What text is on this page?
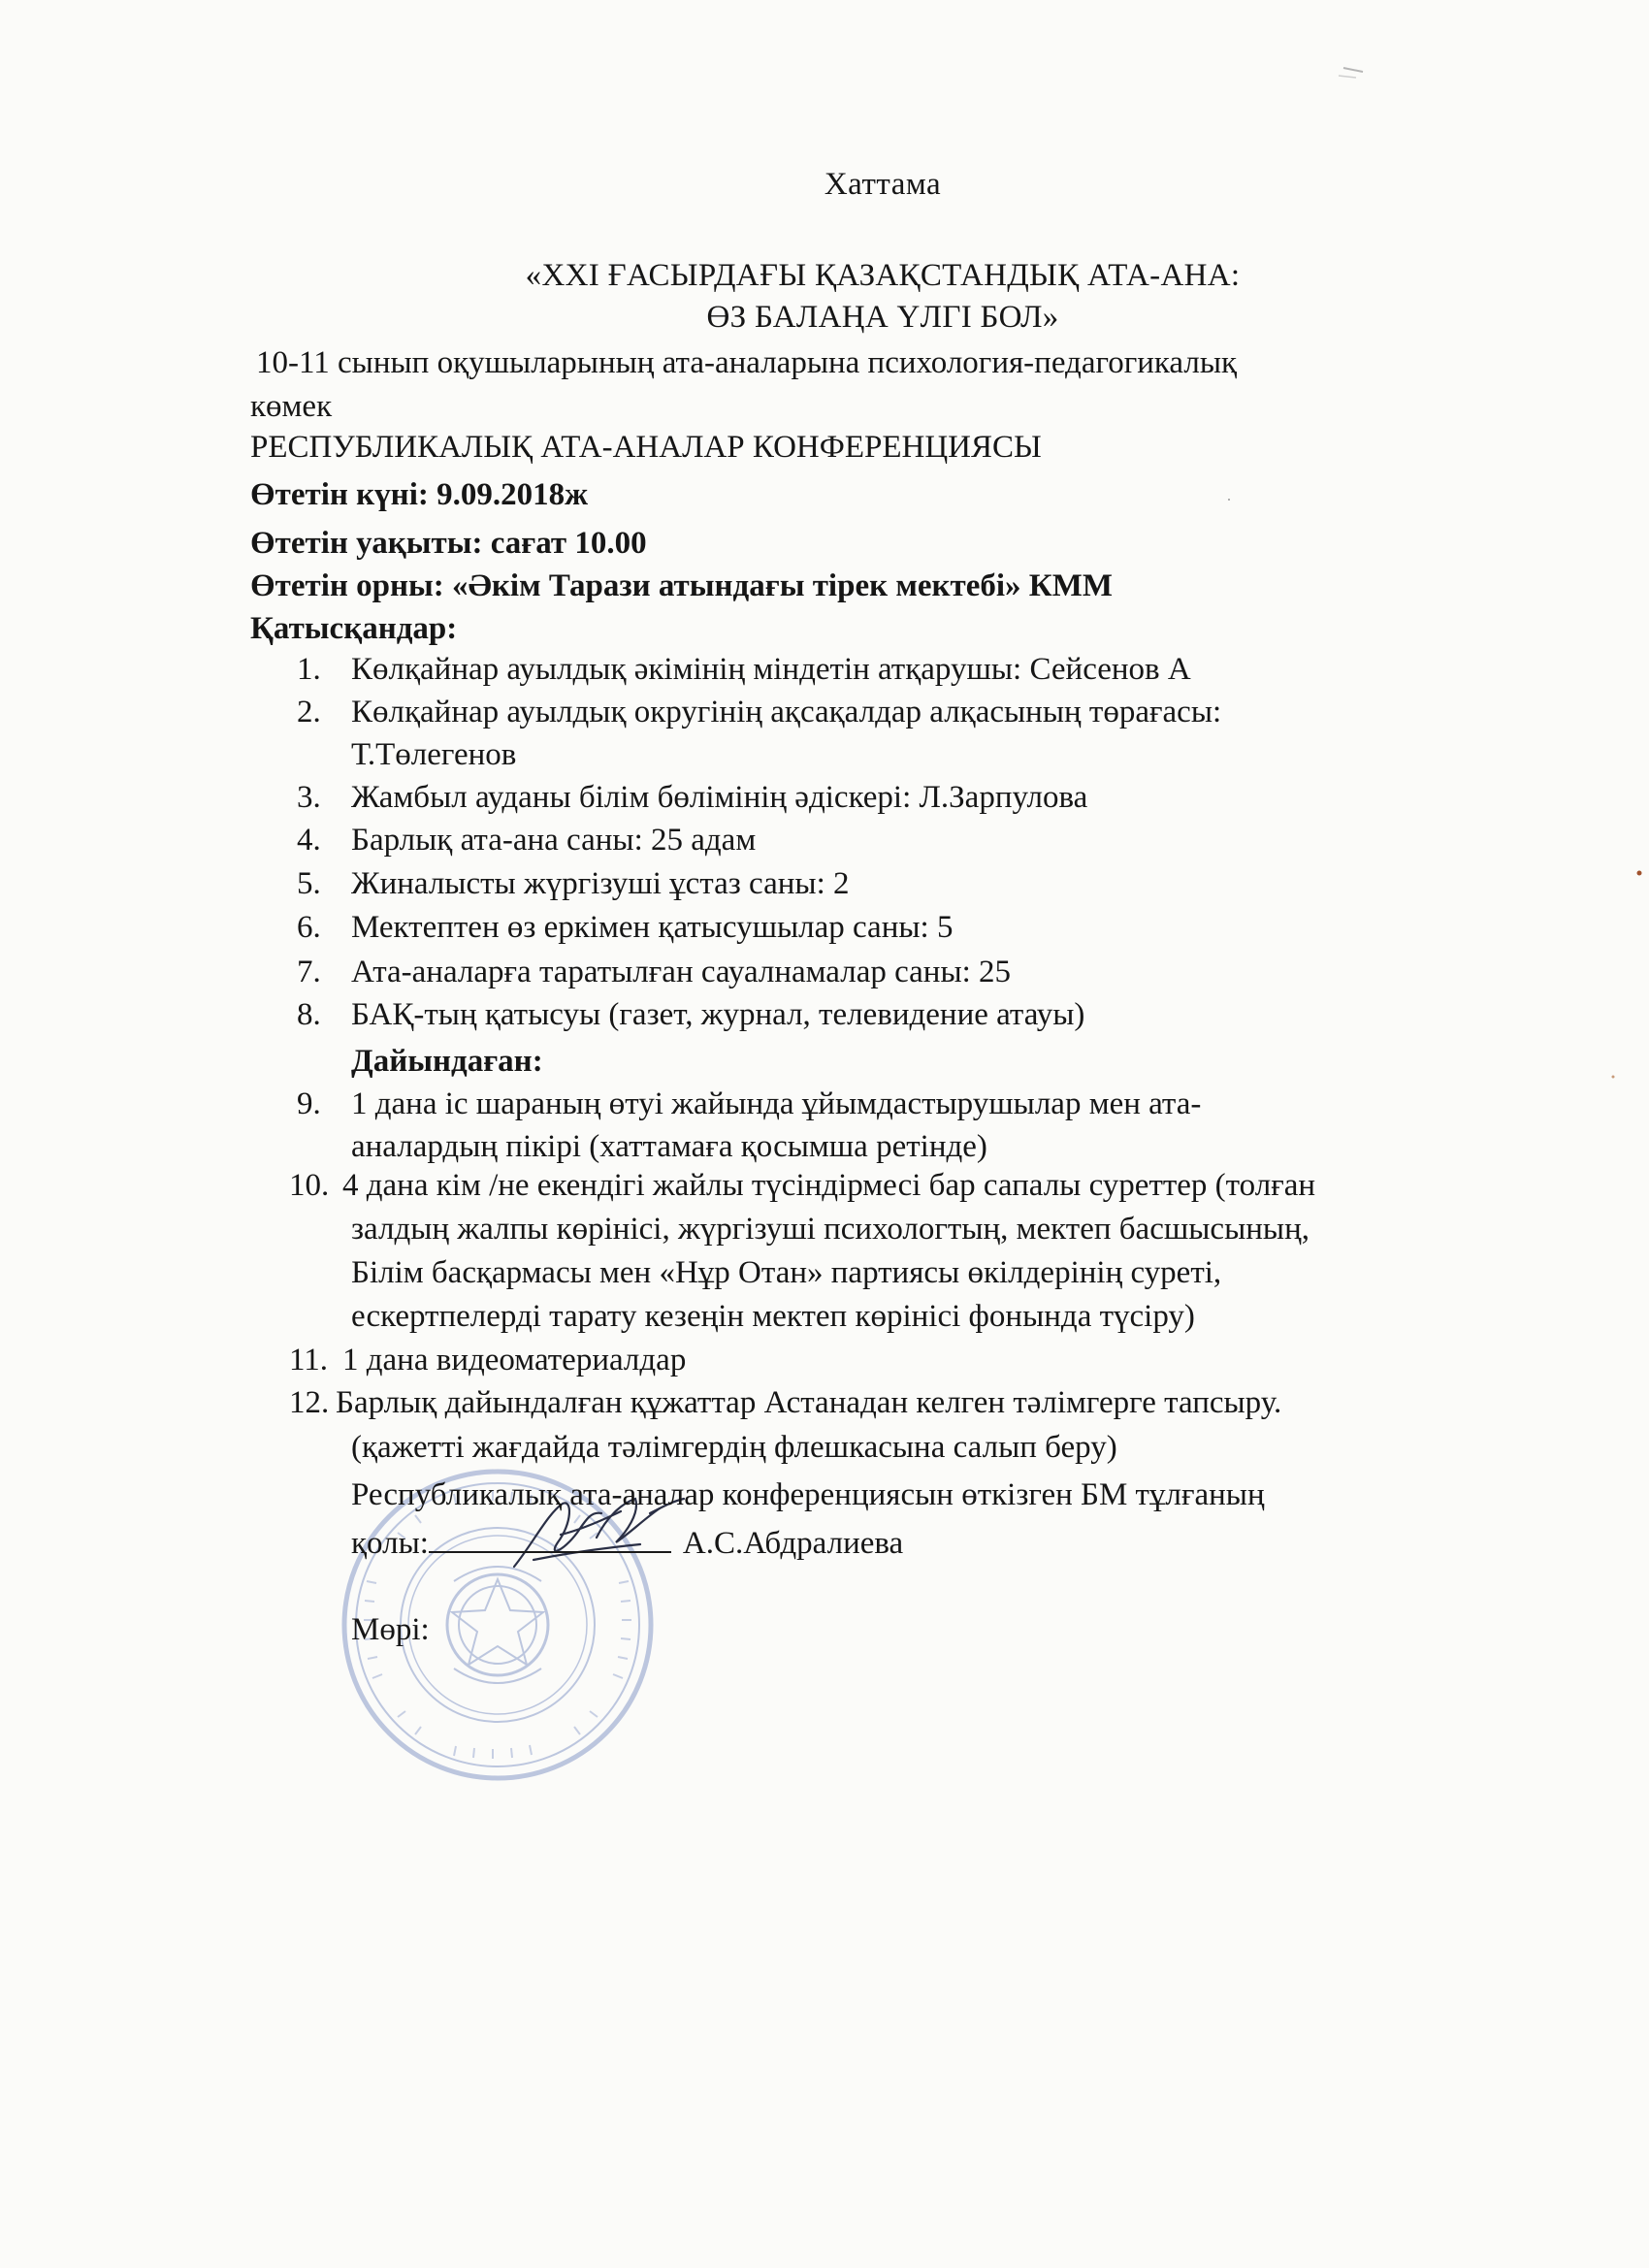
Хаттама
«XXI ҒАСЫРДАҒЫ ҚАЗАҚСТАНДЫҚ АТА-АНА:
ӨЗ БАЛАҢА ҮЛГІ БОЛ»
10-11 сынып оқушыларының ата-аналарына психология-педагогикалық
көмек
РЕСПУБЛИКАЛЫҚ АТА-АНАЛАР КОНФЕРЕНЦИЯСЫ
Өтетін күні: 9.09.2018ж
Өтетін уақыты: сағат 10.00
Өтетін орны: «Әкім Тарази атындағы тірек мектебі» КММ
Қатысқандар:
1. Көлқайнар ауылдық әкімінің міндетін атқарушы: Сейсенов А
2. Көлқайнар ауылдық округінің ақсақалдар алқасының төрағасы:
Т.Төлегенов
3. Жамбыл ауданы білім бөлімінің әдіскері: Л.Зарпулова
4. Барлық ата-ана саны: 25 адам
5. Жиналысты жүргізуші ұстаз саны: 2
6. Мектептен өз еркімен қатысушылар саны: 5
7. Ата-аналарға таратылған сауалнамалар саны: 25
8. БАҚ-тың қатысуы (газет, журнал, телевидение атауы)
Дайындаған:
9. 1 дана іс шараның өтуі жайында ұйымдастырушылар мен ата-
аналардың пікірі (хаттамаға қосымша ретінде)
10. 4 дана кім /не екендігі жайлы түсіндірмесі бар сапалы суреттер (толған
залдың жалпы көрінісі, жүргізуші психологтың, мектеп басшысының,
Білім басқармасы мен «Нұр Отан» партиясы өкілдерінің суреті,
ескертпелерді тарату кезеңін мектеп көрінісі фонында түсіру)
11. 1 дана видеоматериалдар
12. Барлық дайындалған құжаттар Астанадан келген тәлімгерге тапсыру.
(қажетті жағдайда тәлімгердің флешкасына салып беру)
Республикалық ата-аналар конференциясын өткізген БМ тұлғаның
қолы:	А.С.Абдралиева
Мөрі:
